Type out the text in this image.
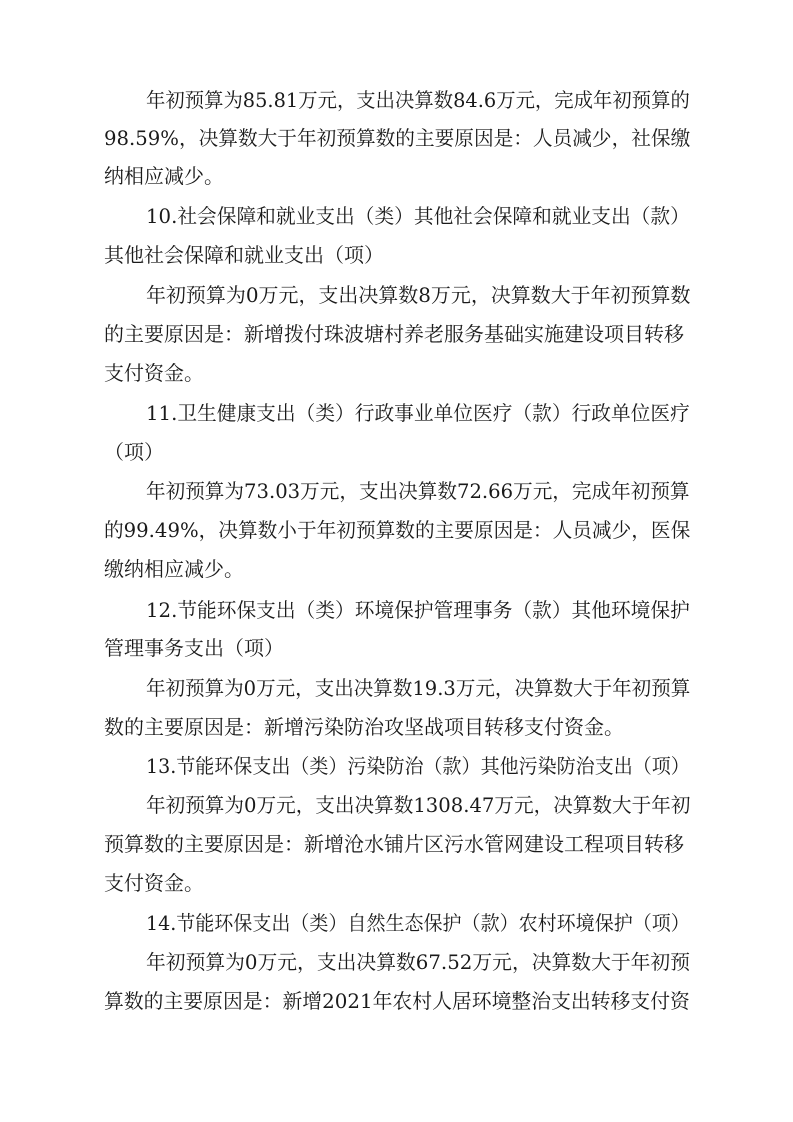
年初预算为85.81万元，支出决算数84.6万元，完成年初预算的
98.59%，决算数大于年初预算数的主要原因是：人员减少，社保缴
纳相应减少。
10.社会保障和就业支出（类）其他社会保障和就业支出（款）
其他社会保障和就业支出（项）
年初预算为0万元，支出决算数8万元，决算数大于年初预算数
的主要原因是：新增拨付珠波塘村养老服务基础实施建设项目转移
支付资金。
11.卫生健康支出（类）行政事业单位医疗（款）行政单位医疗
（项）
年初预算为73.03万元，支出决算数72.66万元，完成年初预算
的99.49%，决算数小于年初预算数的主要原因是：人员减少，医保
缴纳相应减少。
12.节能环保支出（类）环境保护管理事务（款）其他环境保护
管理事务支出（项）
年初预算为0万元，支出决算数19.3万元，决算数大于年初预算
数的主要原因是：新增污染防治攻坚战项目转移支付资金。
13.节能环保支出（类）污染防治（款）其他污染防治支出（项）
年初预算为0万元，支出决算数1308.47万元，决算数大于年初
预算数的主要原因是：新增沧水铺片区污水管网建设工程项目转移
支付资金。
14.节能环保支出（类）自然生态保护（款）农村环境保护（项）
年初预算为0万元，支出决算数67.52万元，决算数大于年初预
算数的主要原因是：新增2021年农村人居环境整治支出转移支付资
